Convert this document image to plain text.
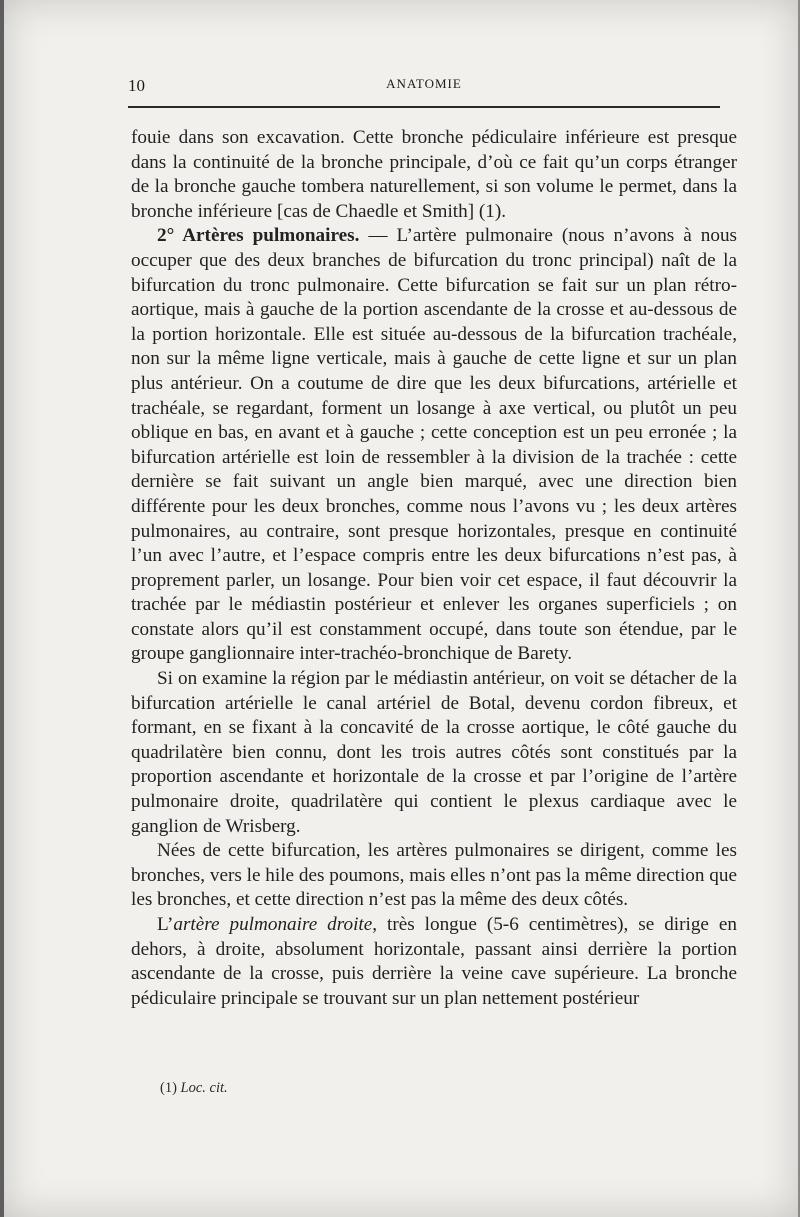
10	ANATOMIE

fouie dans son excavation. Cette bronche pédiculaire inférieure est presque dans la continuité de la bronche principale, d’où ce fait qu’un corps étranger de la bronche gauche tombera naturellement, si son volume le permet, dans la bronche inférieure [cas de Chaedle et Smith] (1).

2° Artères pulmonaires. — L’artère pulmonaire (nous n’avons à nous occuper que des deux branches de bifurcation du tronc principal) naît de la bifurcation du tronc pulmonaire. Cette bifurcation se fait sur un plan rétro-aortique, mais à gauche de la portion ascendante de la crosse et au-dessous de la portion horizontale. Elle est située au-dessous de la bifurcation trachéale, non sur la même ligne verticale, mais à gauche de cette ligne et sur un plan plus antérieur. On a coutume de dire que les deux bifurcations, artérielle et trachéale, se regardant, forment un losange à axe vertical, ou plutôt un peu oblique en bas, en avant et à gauche ; cette conception est un peu erronée ; la bifurcation artérielle est loin de ressembler à la division de la trachée : cette dernière se fait suivant un angle bien marqué, avec une direction bien différente pour les deux bronches, comme nous l’avons vu ; les deux artères pulmonaires, au contraire, sont presque horizontales, presque en continuité l’un avec l’autre, et l’espace compris entre les deux bifurcations n’est pas, à proprement parler, un losange. Pour bien voir cet espace, il faut découvrir la trachée par le médiastin postérieur et enlever les organes superficiels ; on constate alors qu’il est constamment occupé, dans toute son étendue, par le groupe ganglionnaire inter-trachéo-bronchique de Barety.

Si on examine la région par le médiastin antérieur, on voit se détacher de la bifurcation artérielle le canal artériel de Botal, devenu cordon fibreux, et formant, en se fixant à la concavité de la crosse aortique, le côté gauche du quadrilatère bien connu, dont les trois autres côtés sont constitués par la proportion ascendante et horizontale de la crosse et par l’origine de l’artère pulmonaire droite, quadrilatère qui contient le plexus cardiaque avec le ganglion de Wrisberg.

Nées de cette bifurcation, les artères pulmonaires se dirigent, comme les bronches, vers le hile des poumons, mais elles n’ont pas la même direction que les bronches, et cette direction n’est pas la même des deux côtés.

L’artère pulmonaire droite, très longue (5-6 centimètres), se dirige en dehors, à droite, absolument horizontale, passant ainsi derrière la portion ascendante de la crosse, puis derrière la veine cave supérieure. La bronche pédiculaire principale se trouvant sur un plan nettement postérieur

(1) Loc. cit.
